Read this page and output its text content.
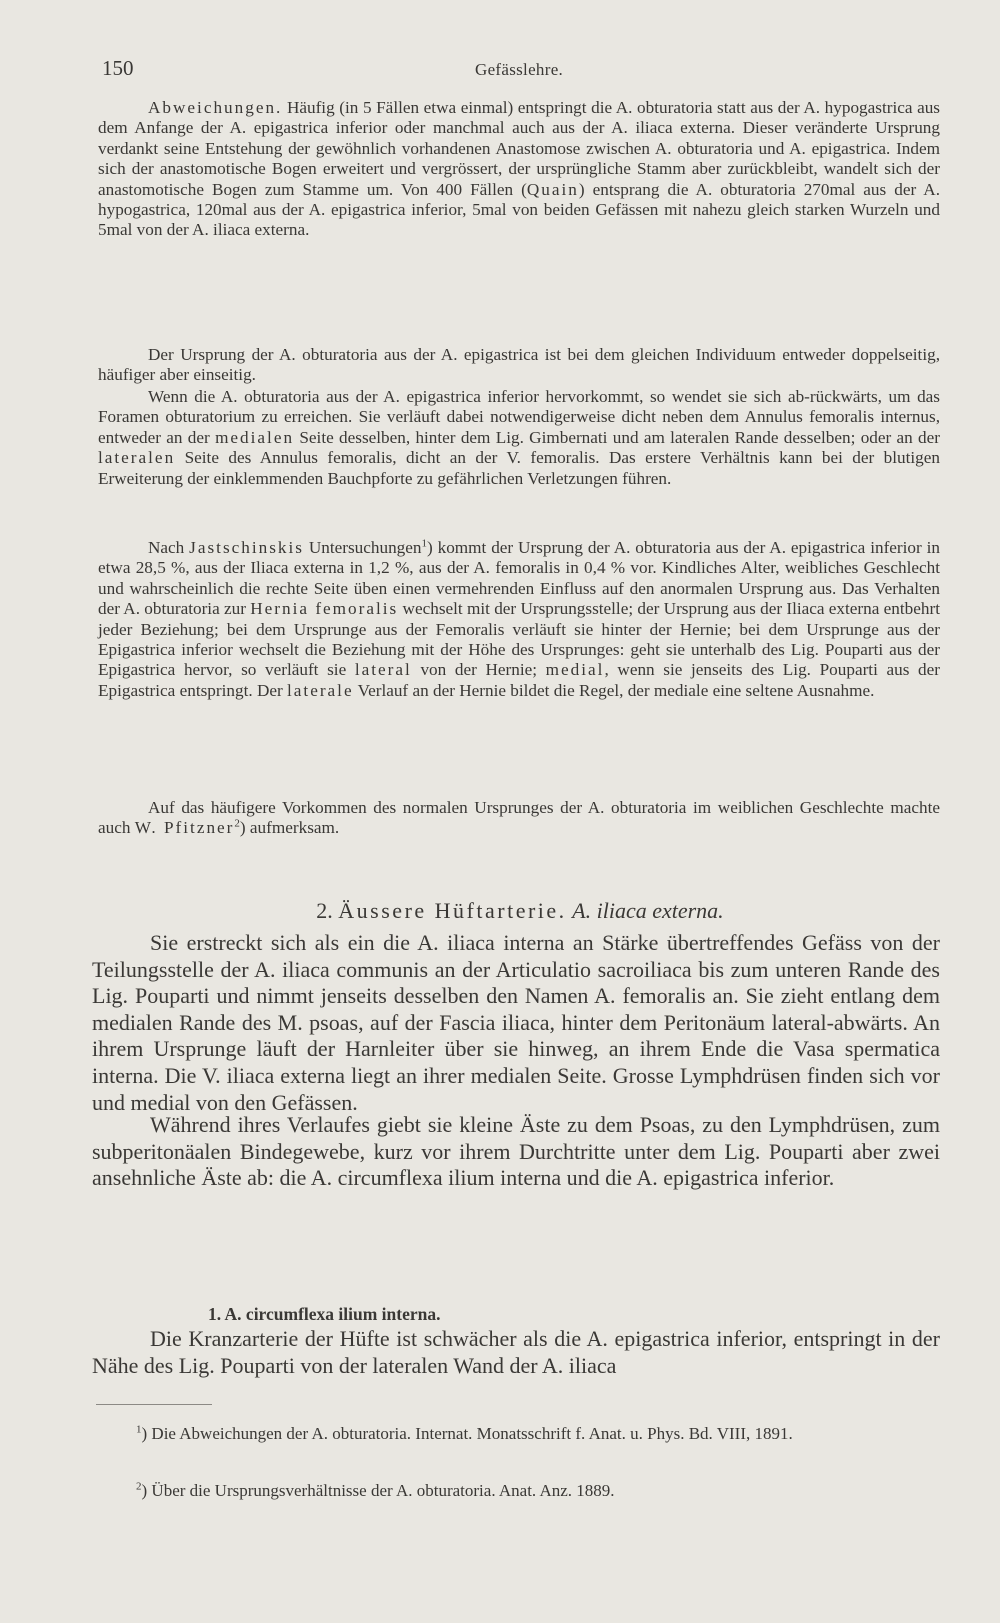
150	Gefässlehre.

Abweichungen. Häufig (in 5 Fällen etwa einmal) entspringt die A. obturatoria statt aus der A. hypogastrica aus dem Anfange der A. epigastrica inferior oder manchmal auch aus der A. iliaca externa. Dieser veränderte Ursprung verdankt seine Entstehung der gewöhnlich vorhandenen Anastomose zwischen A. obturatoria und A. epigastrica. Indem sich der anastomotische Bogen erweitert und vergrössert, der ursprüngliche Stamm aber zurückbleibt, wandelt sich der anastomotische Bogen zum Stamme um. Von 400 Fällen (Quain) entsprang die A. obturatoria 270mal aus der A. hypogastrica, 120mal aus der A. epigastrica inferior, 5mal von beiden Gefässen mit nahezu gleich starken Wurzeln und 5mal von der A. iliaca externa.

Der Ursprung der A. obturatoria aus der A. epigastrica ist bei dem gleichen Individuum entweder doppelseitig, häufiger aber einseitig.

Wenn die A. obturatoria aus der A. epigastrica inferior hervorkommt, so wendet sie sich ab-rückwärts, um das Foramen obturatorium zu erreichen. Sie verläuft dabei notwendigerweise dicht neben dem Annulus femoralis internus, entweder an der medialen Seite desselben, hinter dem Lig. Gimbernati und am lateralen Rande desselben; oder an der lateralen Seite des Annulus femoralis, dicht an der V. femoralis. Das erstere Verhältnis kann bei der blutigen Erweiterung der einklemmenden Bauchpforte zu gefährlichen Verletzungen führen.

Nach Jastschinskis Untersuchungen$^1$) kommt der Ursprung der A. obturatoria aus der A. epigastrica inferior in etwa 28,5 %, aus der Iliaca externa in 1,2 %, aus der A. femoralis in 0,4 % vor. Kindliches Alter, weibliches Geschlecht und wahrscheinlich die rechte Seite üben einen vermehrenden Einfluss auf den anormalen Ursprung aus. Das Verhalten der A. obturatoria zur Hernia femoralis wechselt mit der Ursprungsstelle; der Ursprung aus der Iliaca externa entbehrt jeder Beziehung; bei dem Ursprunge aus der Femoralis verläuft sie hinter der Hernie; bei dem Ursprunge aus der Epigastrica inferior wechselt die Beziehung mit der Höhe des Ursprunges: geht sie unterhalb des Lig. Pouparti aus der Epigastrica hervor, so verläuft sie lateral von der Hernie; medial, wenn sie jenseits des Lig. Pouparti aus der Epigastrica entspringt. Der laterale Verlauf an der Hernie bildet die Regel, der mediale eine seltene Ausnahme.

Auf das häufigere Vorkommen des normalen Ursprunges der A. obturatoria im weiblichen Geschlechte machte auch W. Pfitzner$^2$) aufmerksam.

2. Äussere Hüftarterie. A. iliaca externa.

Sie erstreckt sich als ein die A. iliaca interna an Stärke übertreffendes Gefäss von der Teilungsstelle der A. iliaca communis an der Articulatio sacroiliaca bis zum unteren Rande des Lig. Pouparti und nimmt jenseits desselben den Namen A. femoralis an. Sie zieht entlang dem medialen Rande des M. psoas, auf der Fascia iliaca, hinter dem Peritonäum lateral-abwärts. An ihrem Ursprunge läuft der Harnleiter über sie hinweg, an ihrem Ende die Vasa spermatica interna. Die V. iliaca externa liegt an ihrer medialen Seite. Grosse Lymphdrüsen finden sich vor und medial von den Gefässen.

Während ihres Verlaufes giebt sie kleine Äste zu dem Psoas, zu den Lymphdrüsen, zum subperitonäalen Bindegewebe, kurz vor ihrem Durchtritte unter dem Lig. Pouparti aber zwei ansehnliche Äste ab: die A. circumflexa ilium interna und die A. epigastrica inferior.

1. A. circumflexa ilium interna.

Die Kranzarterie der Hüfte ist schwächer als die A. epigastrica inferior, entspringt in der Nähe des Lig. Pouparti von der lateralen Wand der A. iliaca

$^1$) Die Abweichungen der A. obturatoria. Internat. Monatsschrift f. Anat. u. Phys. Bd. VIII, 1891.

$^2$) Über die Ursprungsverhältnisse der A. obturatoria. Anat. Anz. 1889.
